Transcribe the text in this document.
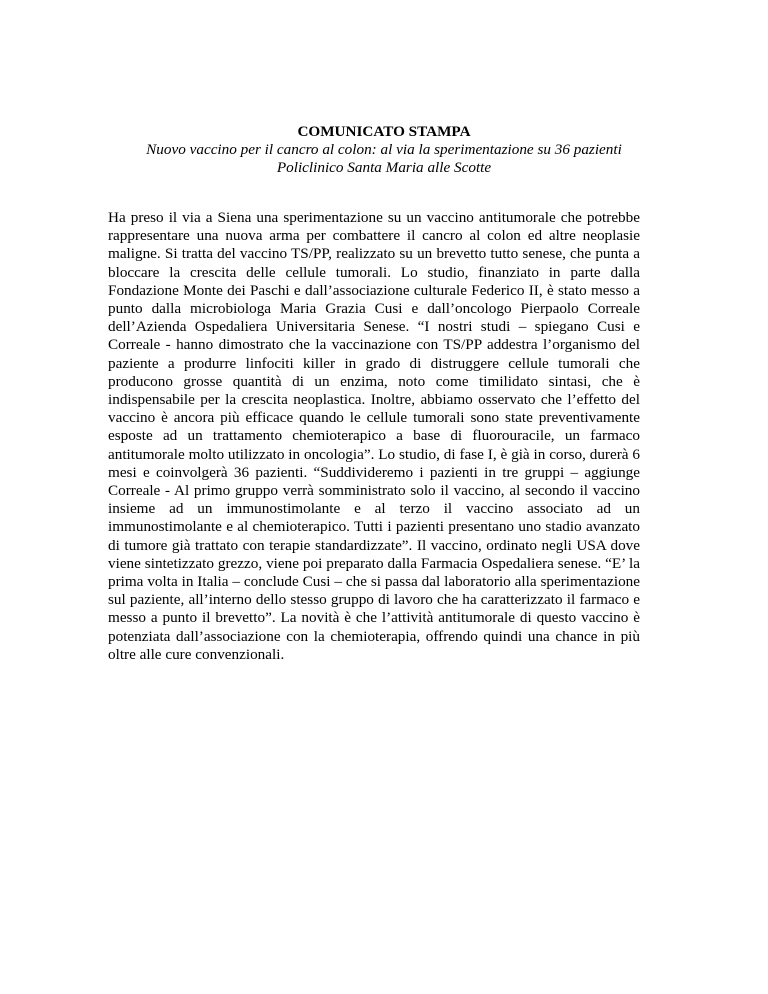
COMUNICATO STAMPA

Nuovo vaccino per il cancro al colon: al via la sperimentazione su 36 pazienti

Policlinico Santa Maria alle Scotte

Ha preso il via a Siena una sperimentazione su un vaccino antitumorale che potrebbe rappresentare una nuova arma per combattere il cancro al colon ed altre neoplasie maligne. Si tratta del vaccino TS/PP, realizzato su un brevetto tutto senese, che punta a bloccare la crescita delle cellule tumorali. Lo studio, finanziato in parte dalla Fondazione Monte dei Paschi e dall’associazione culturale Federico II, è stato messo a punto dalla microbiologa Maria Grazia Cusi e dall’oncologo Pierpaolo Correale dell’Azienda Ospedaliera Universitaria Senese. “I nostri studi – spiegano Cusi e Correale - hanno dimostrato che la vaccinazione con TS/PP addestra l’organismo del paziente a produrre linfociti killer in grado di distruggere cellule tumorali che producono grosse quantità di un enzima, noto come timilidato sintasi, che è indispensabile per la crescita neoplastica. Inoltre, abbiamo osservato che l’effetto del vaccino è ancora più efficace quando le cellule tumorali sono state preventivamente esposte ad un trattamento chemioterapico a base di fluorouracile, un farmaco antitumorale molto utilizzato in oncologia”. Lo studio, di fase I, è già in corso, durerà 6 mesi e coinvolgerà 36 pazienti. “Suddivideremo i pazienti in tre gruppi – aggiunge Correale - Al primo gruppo verrà somministrato solo il vaccino, al secondo il vaccino insieme ad un immunostimolante e al terzo il vaccino associato ad un immunostimolante e al chemioterapico. Tutti i pazienti presentano uno stadio avanzato di tumore già trattato con terapie standardizzate”. Il vaccino, ordinato negli USA dove viene sintetizzato grezzo, viene poi preparato dalla Farmacia Ospedaliera senese. “E’ la prima volta in Italia – conclude Cusi – che si passa dal laboratorio alla sperimentazione sul paziente, all’interno dello stesso gruppo di lavoro che ha caratterizzato il farmaco e messo a punto il brevetto”. La novità è che l’attività antitumorale di questo vaccino è potenziata dall’associazione con la chemioterapia, offrendo quindi una chance in più oltre alle cure convenzionali.
